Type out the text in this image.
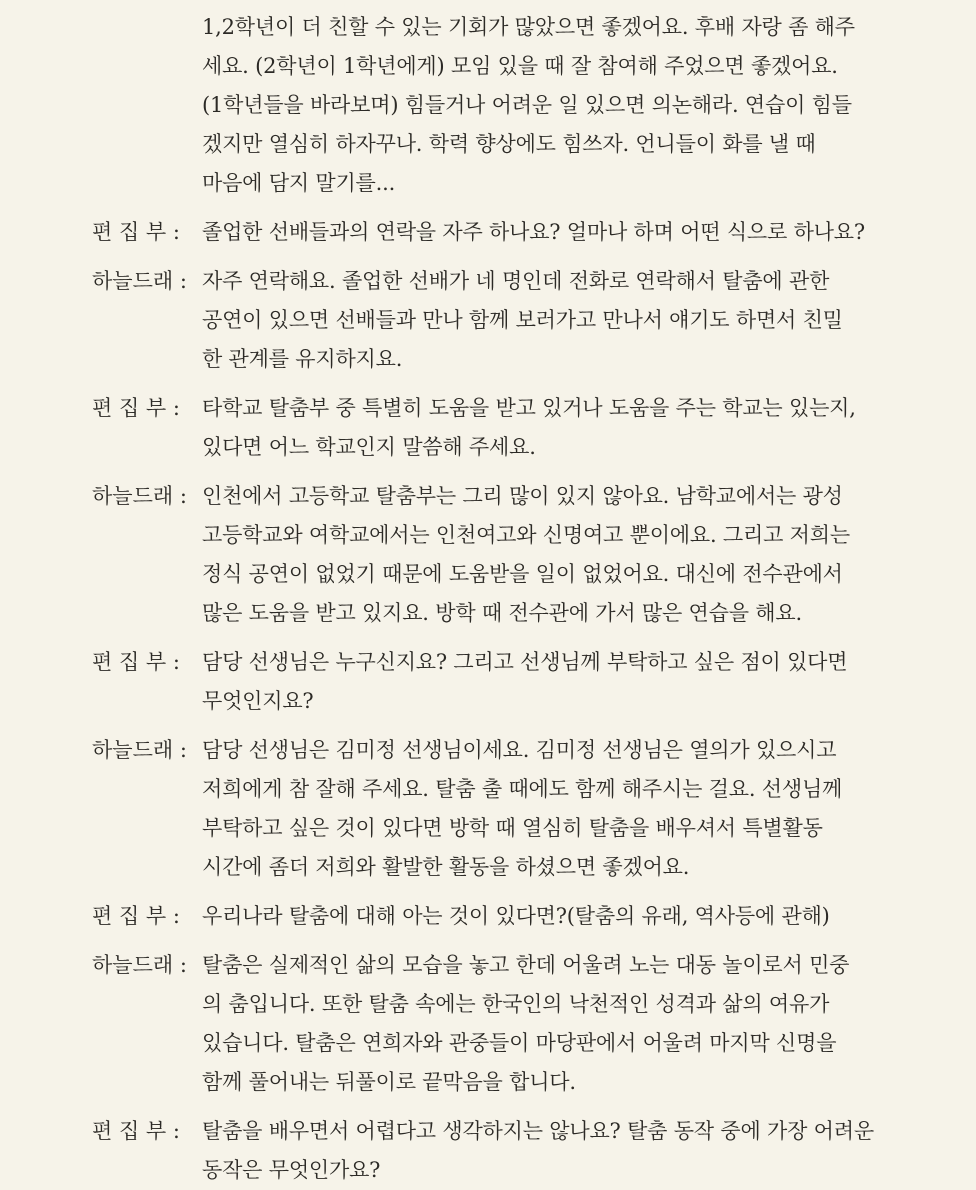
1,2학년이 더 친할 수 있는 기회가 많았으면 좋겠어요. 후배 자랑 좀 해주
세요. (2학년이 1학년에게) 모임 있을 때 잘 참여해 주었으면 좋겠어요.
(1학년들을 바라보며) 힘들거나 어려운 일 있으면 의논해라. 연습이 힘들
겠지만 열심히 하자꾸나. 학력 향상에도 힘쓰자. 언니들이 화를 낼 때
마음에 담지 말기를...
편 집 부 :	졸업한 선배들과의 연락을 자주 하나요? 얼마나 하며 어떤 식으로 하나요?
하늘드래 : 자주 연락해요. 졸업한 선배가 네 명인데 전화로 연락해서 탈춤에 관한
공연이 있으면 선배들과 만나 함께 보러가고 만나서 얘기도 하면서 친밀
한 관계를 유지하지요.
편 집 부 :	타학교 탈춤부 중 특별히 도움을 받고 있거나 도움을 주는 학교는 있는지,
있다면 어느 학교인지 말씀해 주세요.
하늘드래 : 인천에서 고등학교 탈춤부는 그리 많이 있지 않아요. 남학교에서는 광성
고등학교와 여학교에서는 인천여고와 신명여고 뿐이에요. 그리고 저희는
정식 공연이 없었기 때문에 도움받을 일이 없었어요. 대신에 전수관에서
많은 도움을 받고 있지요. 방학 때 전수관에 가서 많은 연습을 해요.
편 집 부 :	담당 선생님은 누구신지요? 그리고 선생님께 부탁하고 싶은 점이 있다면
무엇인지요?
하늘드래 : 담당 선생님은 김미정 선생님이세요. 김미정 선생님은 열의가 있으시고
저희에게 참 잘해 주세요. 탈춤 출 때에도 함께 해주시는 걸요. 선생님께
부탁하고 싶은 것이 있다면 방학 때 열심히 탈춤을 배우셔서 특별활동
시간에 좀더 저희와 활발한 활동을 하셨으면 좋겠어요.
편 집 부 :	우리나라 탈춤에 대해 아는 것이 있다면?(탈춤의 유래, 역사등에 관해)
하늘드래 : 탈춤은 실제적인 삶의 모습을 놓고 한데 어울려 노는 대동 놀이로서 민중
의 춤입니다. 또한 탈춤 속에는 한국인의 낙천적인 성격과 삶의 여유가
있습니다. 탈춤은 연희자와 관중들이 마당판에서 어울려 마지막 신명을
함께 풀어내는 뒤풀이로 끝막음을 합니다.
편 집 부 :	탈춤을 배우면서 어렵다고 생각하지는 않나요? 탈춤 동작 중에 가장 어려운
동작은 무엇인가요?
